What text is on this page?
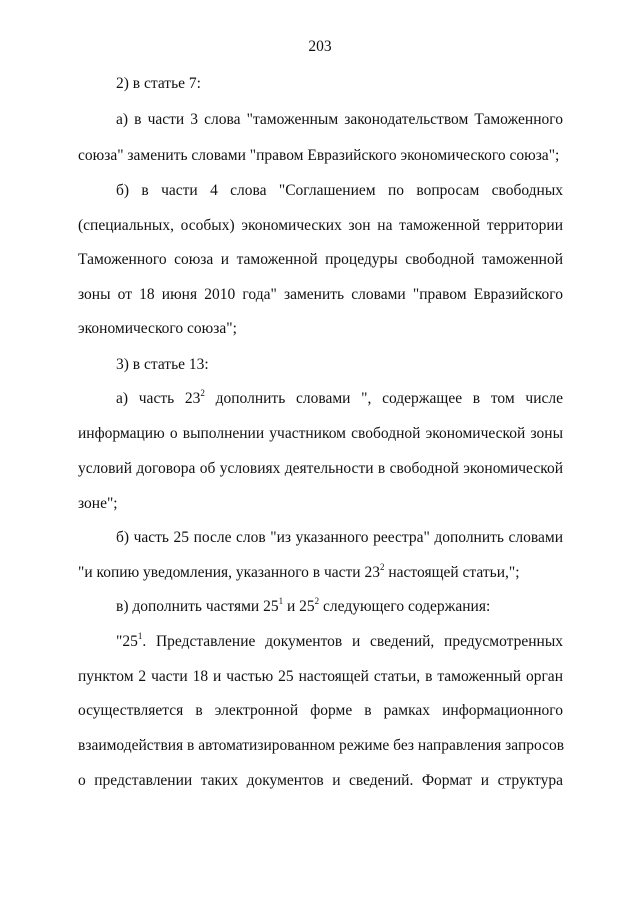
203
2) в статье 7:
а) в части 3 слова "таможенным законодательством Таможенного
союза" заменить словами "правом Евразийского экономического союза";
б) в части 4 слова "Соглашением по вопросам свободных
(специальных, особых) экономических зон на таможенной территории
Таможенного союза и таможенной процедуры свободной таможенной
зоны от 18 июня 2010 года" заменить словами "правом Евразийского
экономического союза";
3) в статье 13:
а) часть $23^2$ дополнить словами ", содержащее в том числе
информацию о выполнении участником свободной экономической зоны
условий договора об условиях деятельности в свободной экономической
зоне";
б) часть 25 после слов "из указанного реестра" дополнить словами
"и копию уведомления, указанного в части $23^2$ настоящей статьи,";
в) дополнить частями $25^1$ и $25^2$ следующего содержания:
"$25^1$. Представление документов и сведений, предусмотренных
пунктом 2 части 18 и частью 25 настоящей статьи, в таможенный орган
осуществляется в электронной форме в рамках информационного
взаимодействия в автоматизированном режиме без направления запросов
о представлении таких документов и сведений. Формат и структура
